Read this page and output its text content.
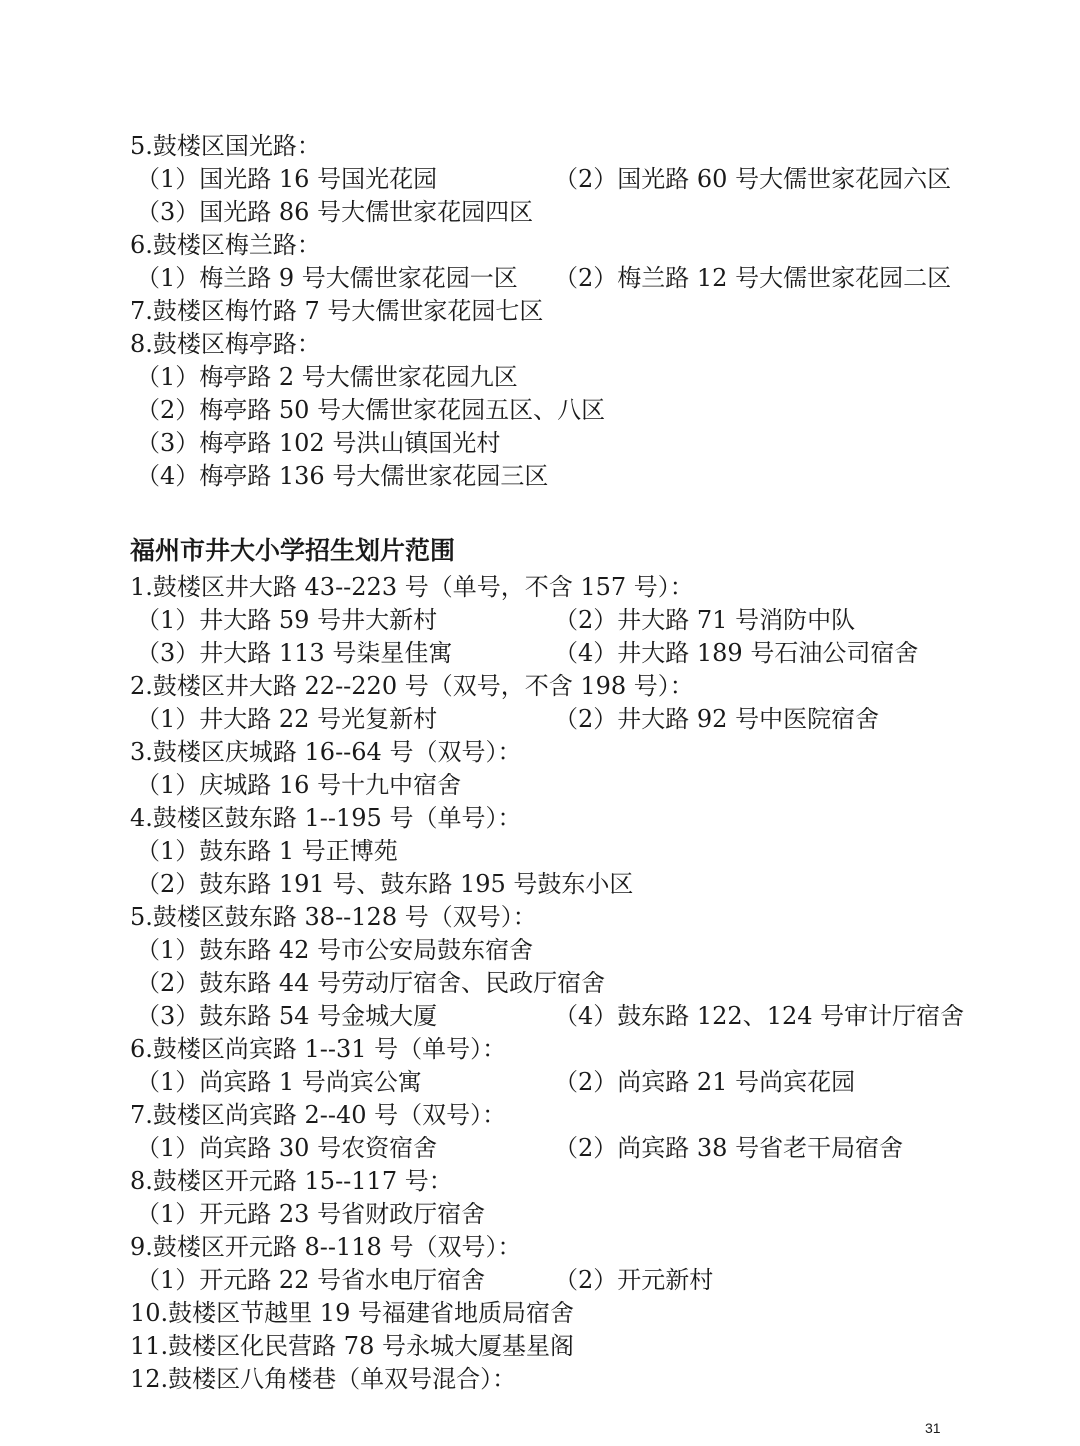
5.鼓楼区国光路：
（1）国光路 16 号国光花园	（2）国光路 60 号大儒世家花园六区
（3）国光路 86 号大儒世家花园四区
6.鼓楼区梅兰路：
（1）梅兰路 9 号大儒世家花园一区 （2）梅兰路 12 号大儒世家花园二区
7.鼓楼区梅竹路 7 号大儒世家花园七区
8.鼓楼区梅亭路：
（1）梅亭路 2 号大儒世家花园九区
（2）梅亭路 50 号大儒世家花园五区、八区
（3）梅亭路 102 号洪山镇国光村
（4）梅亭路 136 号大儒世家花园三区
福州市井大小学招生划片范围
1.鼓楼区井大路 43--223 号（单号，不含 157 号）：
（1）井大路 59 号井大新村	（2）井大路 71 号消防中队
（3）井大路 113 号柒星佳寓	（4）井大路 189 号石油公司宿舍
2.鼓楼区井大路 22--220 号（双号，不含 198 号）：
（1）井大路 22 号光复新村	（2）井大路 92 号中医院宿舍
3.鼓楼区庆城路 16--64 号（双号）：
（1）庆城路 16 号十九中宿舍
4.鼓楼区鼓东路 1--195 号（单号）：
（1）鼓东路 1 号正博苑
（2）鼓东路 191 号、鼓东路 195 号鼓东小区
5.鼓楼区鼓东路 38--128 号（双号）：
（1）鼓东路 42 号市公安局鼓东宿舍
（2）鼓东路 44 号劳动厅宿舍、民政厅宿舍
（3）鼓东路 54 号金城大厦	（4）鼓东路 122、124 号审计厅宿舍
6.鼓楼区尚宾路 1--31 号（单号）：
（1）尚宾路 1 号尚宾公寓	（2）尚宾路 21 号尚宾花园
7.鼓楼区尚宾路 2--40 号（双号）：
（1）尚宾路 30 号农资宿舍	（2）尚宾路 38 号省老干局宿舍
8.鼓楼区开元路 15--117 号：
（1）开元路 23 号省财政厅宿舍
9.鼓楼区开元路 8--118 号（双号）：
（1）开元路 22 号省水电厅宿舍	（2）开元新村
10.鼓楼区节越里 19 号福建省地质局宿舍
11.鼓楼区化民营路 78 号永城大厦基星阁
12.鼓楼区八角楼巷（单双号混合）：
31
